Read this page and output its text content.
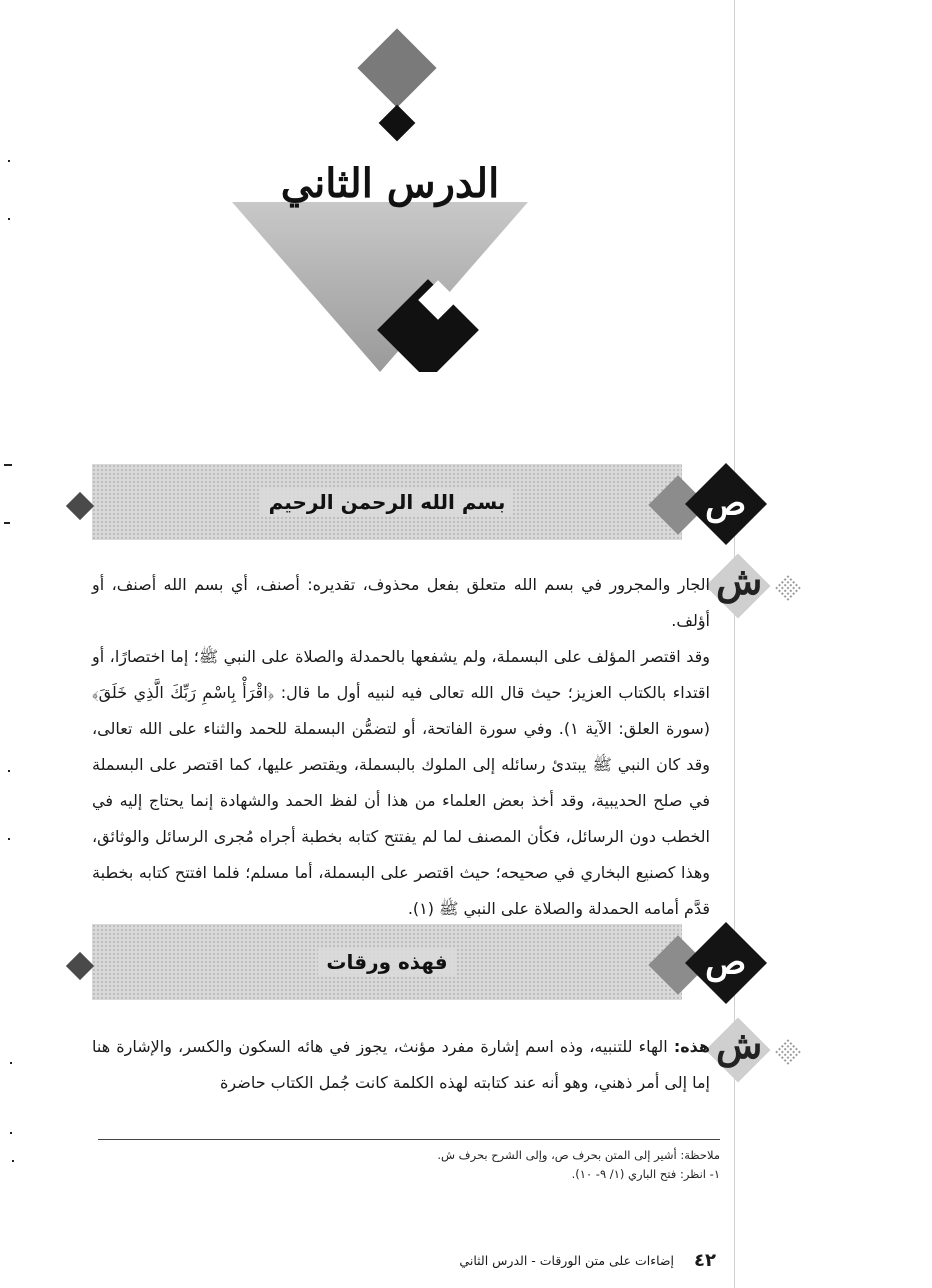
الدرس الثاني
بسم الله الرحمن الرحيم	ص
ش

الجار والمجرور في بسم الله متعلق بفعل محذوف، تقديره: أصنف، أي بسم الله أصنف، أو أؤلف.

وقد اقتصر المؤلف على البسملة، ولم يشفعها بالحمدلة والصلاة على النبي ﷺ؛ إما اختصارًا، أو اقتداء بالكتاب العزيز؛ حيث قال الله تعالى فيه لنبيه أول ما قال: ﴿اقْرَأْ بِاسْمِ رَبِّكَ الَّذِي خَلَقَ﴾ (سورة العلق: الآية ١). وفي سورة الفاتحة، أو لتضمُّن البسملة للحمد والثناء على الله تعالى، وقد كان النبي ﷺ يبتدئ رسائله إلى الملوك بالبسملة، ويقتصر عليها، كما اقتصر على البسملة في صلح الحديبية، وقد أخذ بعض العلماء من هذا أن لفظ الحمد والشهادة إنما يحتاج إليه في الخطب دون الرسائل، فكأن المصنف لما لم يفتتح كتابه بخطبة أجراه مُجرى الرسائل والوثائق، وهذا كصنيع البخاري في صحيحه؛ حيث اقتصر على البسملة، أما مسلم؛ فلما افتتح كتابه بخطبة قدَّم أمامه الحمدلة والصلاة على النبي ﷺ (١).

فهذه ورقات	ص
ش

هذه: الهاء للتنبيه، وذه اسم إشارة مفرد مؤنث، يجوز في هائه السكون والكسر، والإشارة هنا إما إلى أمر ذهني، وهو أنه عند كتابته لهذه الكلمة كانت جُمل الكتاب حاضرة

ملاحظة: أشير إلى المتن بحرف ص، وإلى الشرح بحرف ش.
١- انظر: فتح الباري (١/ ٩- ١٠).
٤٢
إضاءات على متن الورقات - الدرس الثاني
